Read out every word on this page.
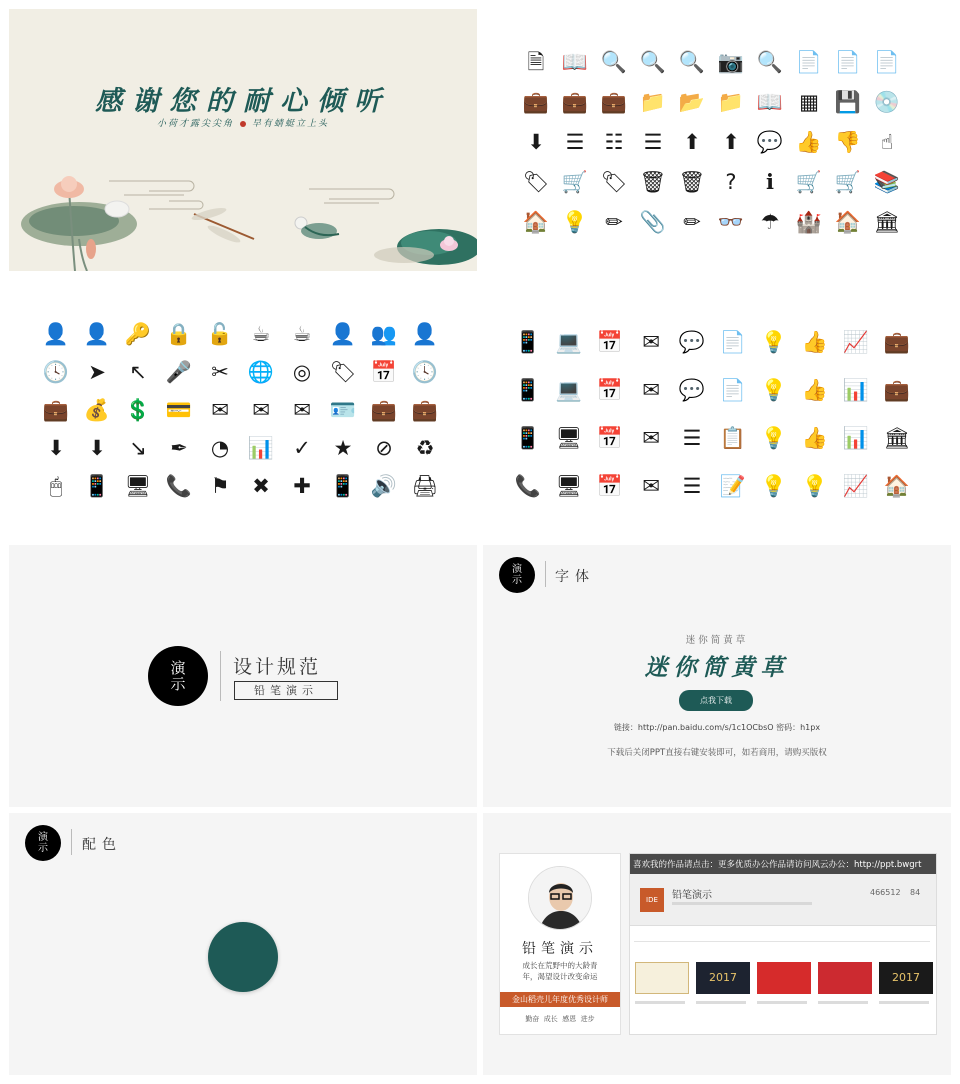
感谢您的耐心倾听
小荷才露尖尖角 早有蜻蜓立上头
🗎 📖 🔍 🔍 🔍 📷 🔍 📄 📄 📄
💼 💼 💼 📁 📂 📁 📖 ▦ 💾 💿
⬇ ☰ ☷ ☰ ⬆ ⬆ 💬 👍 👎 ☝
🏷 🛒 🏷 🗑 🗑 ?	ℹ	🛒 🛒 📚
🏠 💡 ✏ 📎 ✏ 👓 ☂ 🏰 🏠 🏛
👤 👤 🔑 🔒 🔓 ☕ ☕ 👤 👥 👤
🕓 ➤ ↖ 🎤 ✂ 🌐 ◎ 🏷 📅 🕓
💼 💰 💲 💳 ✉ ✉ ✉ 🪪 💼 💼
⬇ ⬇ ↘ ✒ ◔ 📊 ✓ ★ ⊘ ♻
🖱	📱 🖥 📞 ⚑ ✖ ✚ 📱 🔊 🖨
📱 💻 📅 ✉ 💬 📄 💡 👍 📈 💼
📱 💻 📅 ✉ 💬 📄 💡 👍 📊 💼
📱 🖥 📅 ✉ ☰ 📋 💡 👍 📊 🏛
📞 🖥 📅 ✉ ☰ 📝 💡 💡 📈 🏠
演
示
设计规范
铅笔演示
演
示 字体
迷你简黄草
迷你简黄草
点我下载
链接：http://pan.baidu.com/s/1c1OCbsO 密码：h1px
下载后关闭PPT直接右键安装即可，如若商用，请购买版权
演
示 配色
铅笔演示
成长在荒野中的大龄青
年，渴望设计改变命运
金山稻壳儿年度优秀设计师
勤奋  成长  感恩  进步
喜欢我的作品请点击：更多优质办公作品请访问风云办公：http://ppt.bwgrt
IDE	铅笔演示	466512 84
2017	2017
